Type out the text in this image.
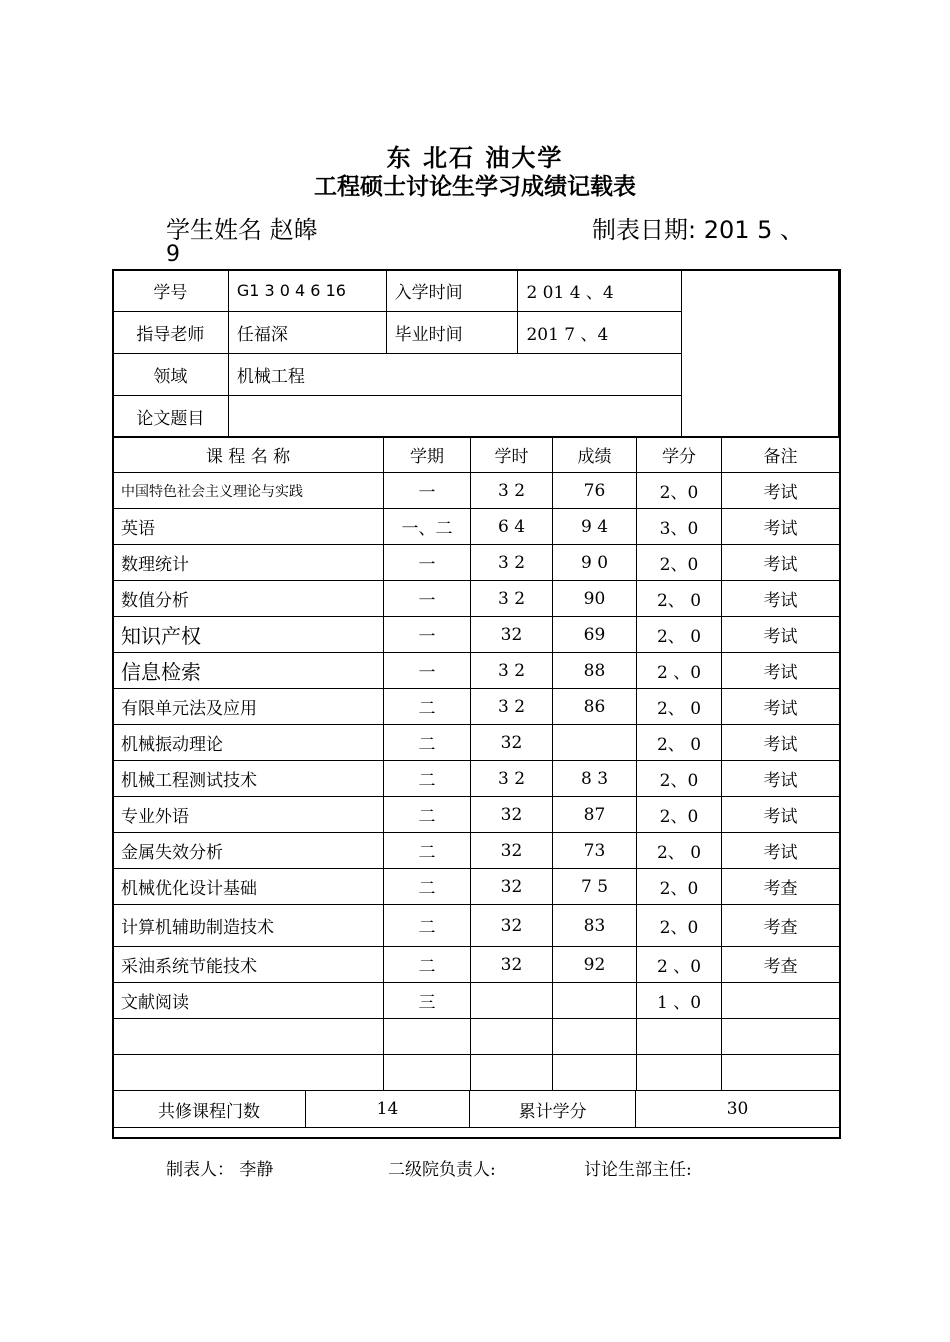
东 北石 油大学
工程硕士讨论生学习成绩记载表
学生姓名 赵皞	制表日期: 201 5 、
9
学号	G1 3 0 4 6 16	入学时间	2 01 4 、4	
指导老师	任福深	毕业时间	201 7 、4	
领域	机械工程			
论文题目				
课 程 名 称	学期	学时	成绩	学分	备注
中国特色社会主义理论与实践	一	3 2	76	2、0	考试
英语	一、二	6 4	9 4	3、0	考试
数理统计	一	3 2	9 0	2、0	考试
数值分析	一	3 2	90	2、 0	考试
知识产权	一	32	69	2、 0	考试
信息检索	一	3 2	88	2 、0	考试
有限单元法及应用	二	3 2	86	2、 0	考试
机械振动理论	二	32		2、 0	考试
机械工程测试技术	二	3 2	8 3	2、0	考试
专业外语	二	32	87	2、0	考试
金属失效分析	二	32	73	2、 0	考试
机械优化设计基础	二	32	7 5	2、0	考查
计算机辅助制造技术	二	32	83	2、0	考查
采油系统节能技术	二	32	92	2 、0	考查
文献阅读	三			1 、0	

共修课程门数 14 累计学分 30					
制表人： 李静	二级院负责人:	讨论生部主任:
